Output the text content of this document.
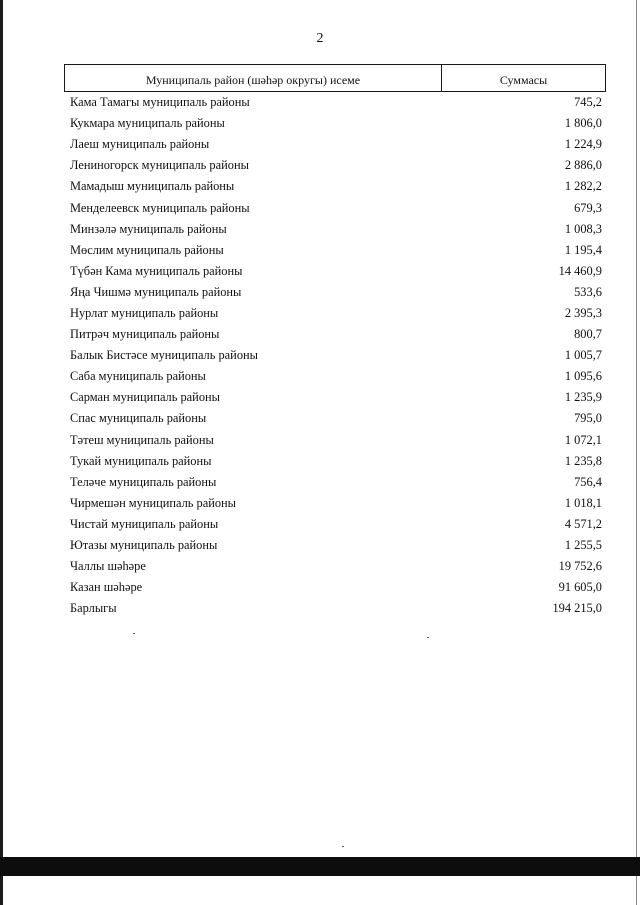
2
Муниципаль район (шәһәр округы) исеме	Суммасы
Кама Тамагы муниципаль районы	745,2
Кукмара муниципаль районы	1 806,0
Лаеш муниципаль районы	1 224,9
Лениногорск муниципаль районы	2 886,0
Мамадыш муниципаль районы	1 282,2
Менделеевск муниципаль районы	679,3
Минзәлә муниципаль районы	1 008,3
Мөслим муниципаль районы	1 195,4
Түбән Кама муниципаль районы	14 460,9
Яңа Чишмә муниципаль районы	533,6
Нурлат муниципаль районы	2 395,3
Питрәч муниципаль районы	800,7
Балык Бистәсе муниципаль районы	1 005,7
Саба муниципаль районы	1 095,6
Сарман муниципаль районы	1 235,9
Спас муниципаль районы	795,0
Тәтеш муниципаль районы	1 072,1
Тукай муниципаль районы	1 235,8
Теләче муниципаль районы	756,4
Чирмешән муниципаль районы	1 018,1
Чистай муниципаль районы	4 571,2
Ютазы муниципаль районы	1 255,5
Чаллы шәһәре	19 752,6
Казан шәһәре	91 605,0
Барлыгы	194 215,0
